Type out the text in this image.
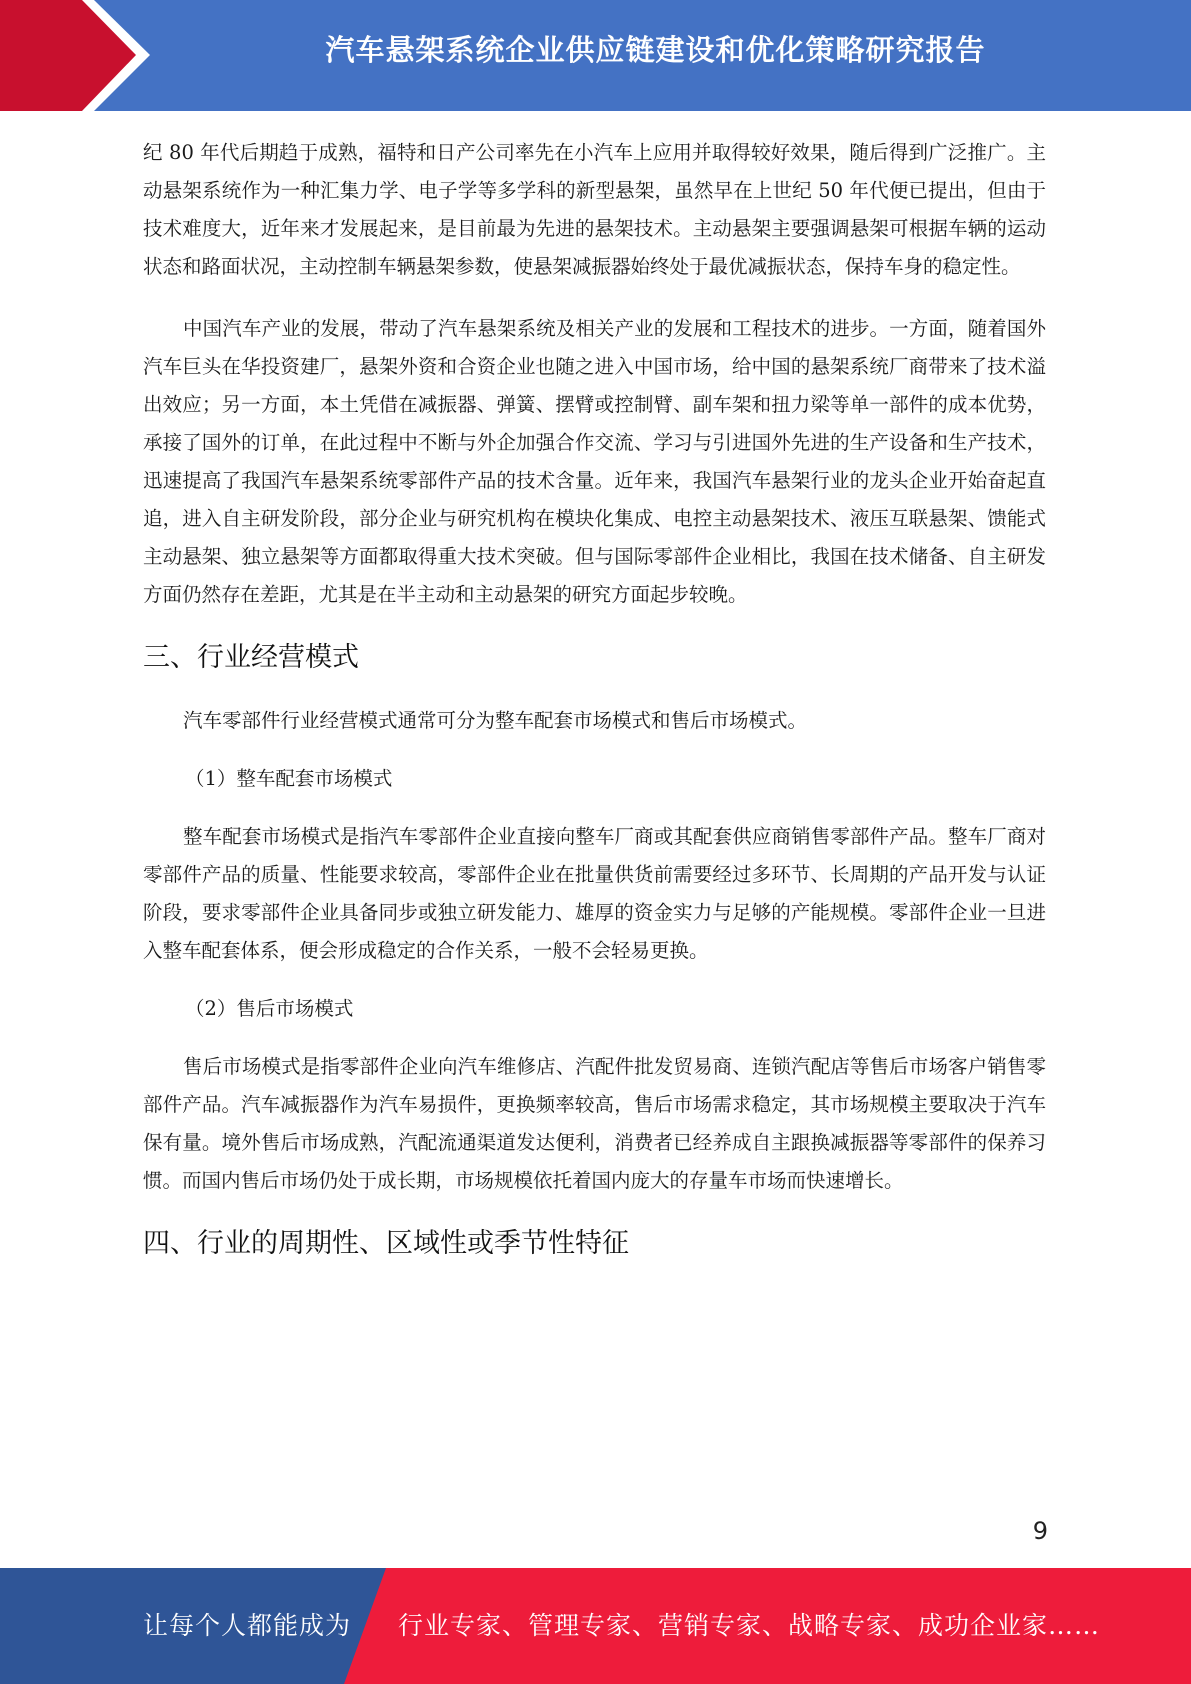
汽车悬架系统企业供应链建设和优化策略研究报告

纪 80 年代后期趋于成熟，福特和日产公司率先在小汽车上应用并取得较好效果，随后得到广泛推广。主动悬架系统作为一种汇集力学、电子学等多学科的新型悬架，虽然早在上世纪 50 年代便已提出，但由于技术难度大，近年来才发展起来，是目前最为先进的悬架技术。主动悬架主要强调悬架可根据车辆的运动状态和路面状况，主动控制车辆悬架参数，使悬架减振器始终处于最优减振状态，保持车身的稳定性。

中国汽车产业的发展，带动了汽车悬架系统及相关产业的发展和工程技术的进步。一方面，随着国外汽车巨头在华投资建厂，悬架外资和合资企业也随之进入中国市场，给中国的悬架系统厂商带来了技术溢出效应；另一方面，本土凭借在减振器、弹簧、摆臂或控制臂、副车架和扭力梁等单一部件的成本优势，承接了国外的订单，在此过程中不断与外企加强合作交流、学习与引进国外先进的生产设备和生产技术，迅速提高了我国汽车悬架系统零部件产品的技术含量。近年来，我国汽车悬架行业的龙头企业开始奋起直追，进入自主研发阶段，部分企业与研究机构在模块化集成、电控主动悬架技术、液压互联悬架、馈能式主动悬架、独立悬架等方面都取得重大技术突破。但与国际零部件企业相比，我国在技术储备、自主研发方面仍然存在差距，尤其是在半主动和主动悬架的研究方面起步较晚。

三、行业经营模式

汽车零部件行业经营模式通常可分为整车配套市场模式和售后市场模式。

（1）整车配套市场模式

整车配套市场模式是指汽车零部件企业直接向整车厂商或其配套供应商销售零部件产品。整车厂商对零部件产品的质量、性能要求较高，零部件企业在批量供货前需要经过多环节、长周期的产品开发与认证阶段，要求零部件企业具备同步或独立研发能力、雄厚的资金实力与足够的产能规模。零部件企业一旦进入整车配套体系，便会形成稳定的合作关系，一般不会轻易更换。

（2）售后市场模式

售后市场模式是指零部件企业向汽车维修店、汽配件批发贸易商、连锁汽配店等售后市场客户销售零部件产品。汽车减振器作为汽车易损件，更换频率较高，售后市场需求稳定，其市场规模主要取决于汽车保有量。境外售后市场成熟，汽配流通渠道发达便利，消费者已经养成自主跟换减振器等零部件的保养习惯。而国内售后市场仍处于成长期，市场规模依托着国内庞大的存量车市场而快速增长。

四、行业的周期性、区域性或季节性特征
9
让每个人都能成为 行业专家、管理专家、营销专家、战略专家、成功企业家……
